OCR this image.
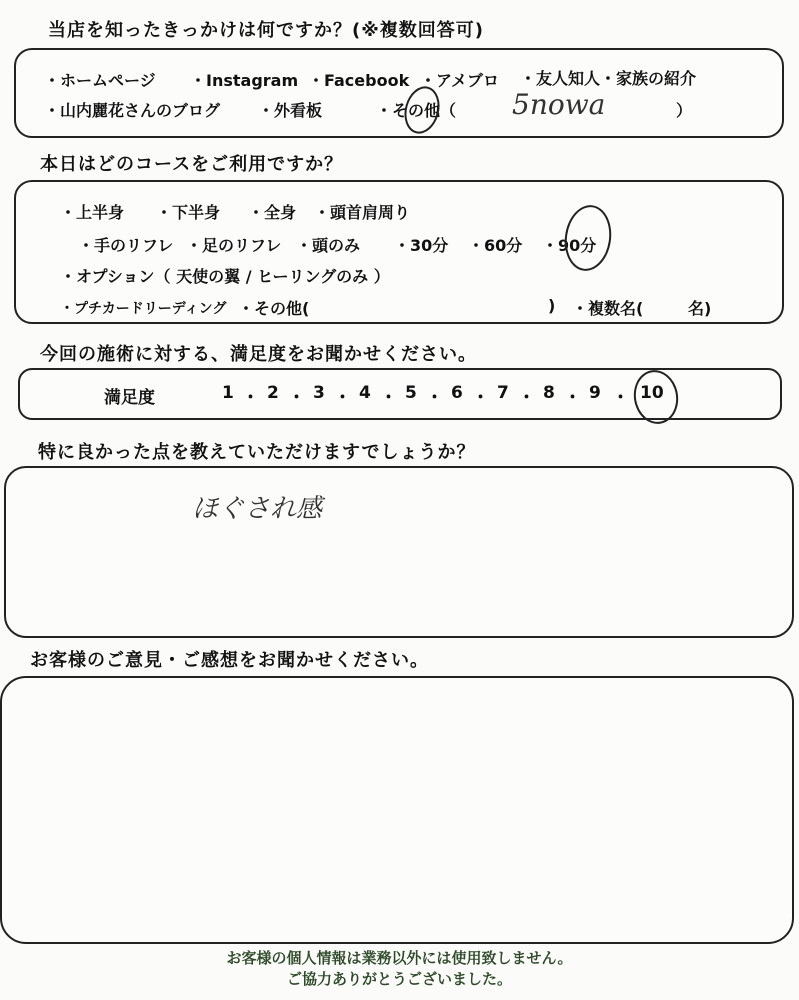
当店を知ったきっかけは何ですか？(※複数回答可)
・ホームページ ・Instagram ・Facebook ・アメブロ ・友人知人・家族の紹介
・山内麗花さんのブログ ・外看板	・その他（ 5nowa	）
本日はどのコースをご利用ですか？
・上半身 ・下半身 ・全身 ・頭首肩周り
・手のリフレ ・足のリフレ ・頭のみ ・30分 ・60分 ・90分
・オプション（ 天使の翼 / ヒーリングのみ ）
・プチカードリーディング ・その他(	) ・複数名(	名)
今回の施術に対する、満足度をお聞かせください。
満足度	1 2 3 4 5 6 7 8 9 10
・ ・ ・ ・ ・ ・ ・ ・ ・
特に良かった点を教えていただけますでしょうか？
ほぐされ感
お客様のご意見・ご感想をお聞かせください。
お客様の個人情報は業務以外には使用致しません。
ご協力ありがとうございました。
